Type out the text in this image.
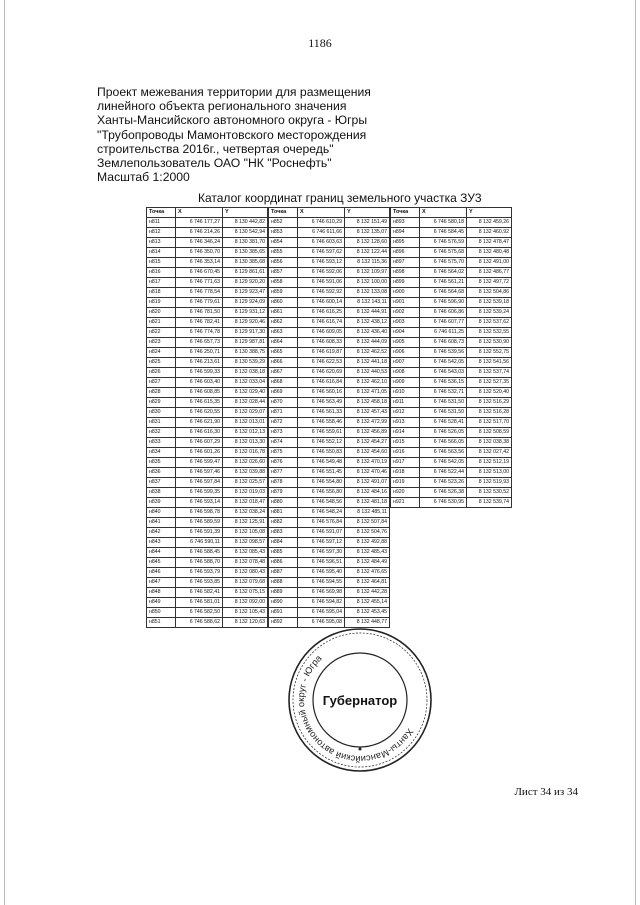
1186
Проект межевания территории для размещения
линейного объекта регионального значения
Ханты-Мансийского автономного округа - Югры
"Трубопроводы Мамонтовского месторождения
строительства 2016г., четвертая очередь"
Землепользователь ОАО "НК "Роснефть"
Масштаб 1:2000
Каталог координат границ земельного участка ЗУ3
Точка	X	Y
н811	6 746 177,27	8 130 442,82
н812	6 746 214,26	8 130 542,94
н813	6 746 346,24	8 130 381,70
н814	6 746 350,70	8 130 385,65
н815	6 746 353,14	8 130 385,68
н816	6 746 670,45	8 129 861,61
н817	6 746 771,63	8 129 920,20
н818	6 746 778,54	8 129 923,47
н819	6 746 779,61	8 129 924,09
н820	6 746 781,50	8 129 931,12
н821	6 746 782,41	8 129 920,46
н822	6 746 774,78	8 129 917,30
н823	6 746 657,73	8 129 987,81
н824	6 746 250,71	8 130 388,75
н825	6 746 213,61	8 130 539,29
н826	6 746 599,33	8 132 038,18
н827	6 746 603,40	8 132 033,04
н828	6 746 608,85	8 132 029,40
н829	6 746 615,35	8 132 028,44
н830	6 746 620,55	8 132 029,07
н831	6 746 621,90	8 132 013,01
н832	6 746 616,30	8 132 012,13
н833	6 746 607,29	8 132 013,30
н834	6 746 601,26	8 132 016,78
н835	6 746 599,47	8 132 026,60
н836	6 746 597,46	8 132 039,88
н837	6 746 597,84	8 132 025,57
н838	6 746 599,35	8 132 019,03
н839	6 746 593,14	8 132 018,47
н840	6 746 598,78	8 132 038,24
н841	6 746 589,59	8 132 125,91
н842	6 746 591,39	8 132 105,08
н843	6 746 590,11	8 132 098,57
н844	6 746 588,45	8 132 085,43
н845	6 746 588,70	8 132 078,48
н846	6 746 593,79	8 132 080,43
н847	6 746 593,85	8 132 079,68
н848	6 746 582,41	8 132 075,15
н849	6 746 581,01	8 132 092,00
н850	6 746 582,50	8 132 105,43
н851	6 746 588,62	8 132 120,63
Точка	X	Y
н852	6 746 610,29	8 132 151,49
н853	6 746 611,66	8 132 135,07
н854	6 746 603,63	8 132 128,60
н855	6 746 597,62	8 132 122,44
н856	6 746 593,12	8 132 115,36
н857	6 746 592,06	8 132 109,97
н858	6 746 591,06	8 132 100,00
н859	6 746 592,92	8 132 133,08
н860	6 746 600,14	8 132 143,11
н861	6 746 616,25	8 132 444,91
н862	6 746 616,74	8 132 438,12
н863	6 746 609,05	8 132 436,40
н864	6 746 608,33	8 132 444,09
н865	6 746 619,87	8 132 462,52
н866	6 746 622,53	8 132 441,18
н867	6 746 620,69	8 132 440,53
н868	6 746 616,84	8 132 462,10
н869	6 746 560,16	8 132 471,05
н870	6 746 563,49	8 132 458,18
н871	6 746 561,33	8 132 457,43
н872	6 746 558,46	8 132 472,99
н873	6 746 559,61	8 132 456,89
н874	6 746 552,12	8 132 454,27
н875	6 746 550,83	8 132 454,60
н876	6 746 549,48	8 132 470,19
н877	6 746 551,45	8 132 470,46
н878	6 746 554,80	8 132 491,07
н879	6 746 556,80	8 132 484,16
н880	6 746 548,56	8 132 481,18
н881	6 746 548,24	8 132 485,11
н882	6 746 576,84	8 132 507,84
н883	6 746 591,07	8 132 504,76
н884	6 746 597,12	8 132 492,88
н885	6 746 597,30	8 132 485,43
н886	6 746 596,51	8 132 484,49
н887	6 746 595,40	8 132 476,65
н888	6 746 594,55	8 132 464,81
н889	6 746 569,98	8 132 442,28
н890	6 746 594,82	8 132 455,14
н891	6 746 595,04	8 132 453,45
н892	6 746 595,08	8 132 448,77
Точка	X	Y
н893	6 746 580,18	8 132 459,26
н894	6 746 584,45	8 132 460,92
н895	6 746 576,59	8 132 478,47
н896	6 746 575,68	8 132 480,48
н897	6 746 575,70	8 132 491,00
н898	6 746 564,02	8 132 486,77
н899	6 746 561,21	8 132 497,72
н900	6 746 564,68	8 132 504,86
н901	6 746 596,90	8 132 539,18
н902	6 746 606,86	8 132 539,24
н903	6 746 607,77	8 132 537,62
н904	6 746 611,25	8 132 532,55
н905	6 746 608,73	8 132 530,90
н906	6 746 539,56	8 132 552,75
н907	6 746 542,05	8 132 541,56
н908	6 746 543,03	8 132 537,74
н909	6 746 536,15	8 132 527,35
н910	6 746 532,71	8 132 520,40
н911	6 746 531,50	8 132 516,29
н912	6 746 531,50	8 132 516,28
н913	6 746 528,41	8 132 517,70
н914	6 746 526,05	8 132 508,59
н915	6 746 566,05	8 132 038,38
н916	6 746 563,56	8 132 027,42
н917	6 746 542,05	8 132 512,19
н918	6 746 522,44	8 132 513,00
н919	6 746 523,26	8 132 519,93
н920	6 746 526,38	8 132 530,52
н921	6 746 530,95	8 132 539,74
Ханты-Мансийский автономный округ - Югра
Губернатор
Лист 34 из 34
